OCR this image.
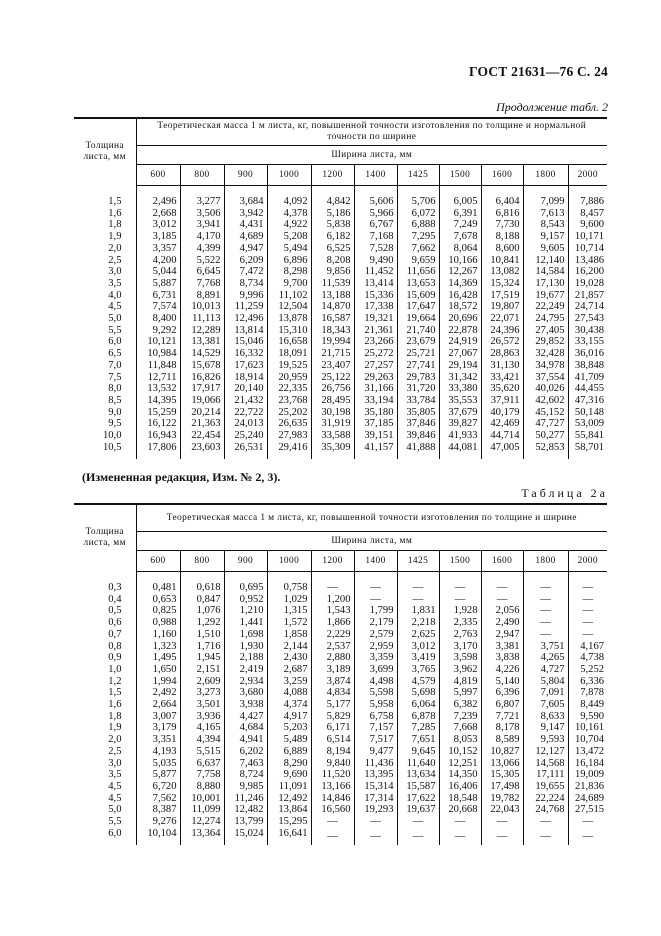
ГОСТ 21631—76 С. 24
Продолжение табл. 2
Толщина листа, мм	Теоретическая масса 1 м листа, кг, повышенной точности изготовления по толщине и нормальной точности по ширине										
	Ширина листа, мм										
	600	800	900	1000	1200	1400	1425	1500	1600	1800	2000

1,5	2,496	3,277	3,684	4,092	4,842	5,606	5,706	6,005	6,404	7,099	7,886
1,6	2,668	3,506	3,942	4,378	5,186	5,966	6,072	6,391	6,816	7,613	8,457
1,8	3,012	3,941	4,431	4,922	5,838	6,767	6,888	7,249	7,730	8,543	9,600
1,9	3,185	4,170	4,689	5,208	6,182	7,168	7,295	7,678	8,188	9,157	10,171
2,0	3,357	4,399	4,947	5,494	6,525	7,528	7,662	8,064	8,600	9,605	10,714
2,5	4,200	5,522	6,209	6,896	8,208	9,490	9,659	10,166	10,841	12,140	13,486
3,0	5,044	6,645	7,472	8,298	9,856	11,452	11,656	12,267	13,082	14,584	16,200
3,5	5,887	7,768	8,734	9,700	11,539	13,414	13,653	14,369	15,324	17,130	19,028
4,0	6,731	8,891	9,996	11,102	13,188	15,336	15,609	16,428	17,519	19,677	21,857
4,5	7,574	10,013	11,259	12,504	14,870	17,338	17,647	18,572	19,807	22,249	24,714
5,0	8,400	11,113	12,496	13,878	16,587	19,321	19,664	20,696	22,071	24,795	27,543
5,5	9,292	12,289	13,814	15,310	18,343	21,361	21,740	22,878	24,396	27,405	30,438
6,0	10,121	13,381	15,046	16,658	19,994	23,266	23,679	24,919	26,572	29,852	33,155
6,5	10,984	14,529	16,332	18,091	21,715	25,272	25,721	27,067	28,863	32,428	36,016
7,0	11,848	15,678	17,623	19,525	23,407	27,257	27,741	29,194	31,130	34,978	38,848
7,5	12,711	16,826	18,914	20,959	25,122	29,263	29,783	31,342	33,421	37,554	41,709
8,0	13,532	17,917	20,140	22,335	26,756	31,166	31,720	33,380	35,620	40,026	44,455
8,5	14,395	19,066	21,432	23,768	28,495	33,194	33,784	35,553	37,911	42,602	47,316
9,0	15,259	20,214	22,722	25,202	30,198	35,180	35,805	37,679	40,179	45,152	50,148
9,5	16,122	21,363	24,013	26,635	31,919	37,185	37,846	39,827	42,469	47,727	53,009
10,0	16,943	22,454	25,240	27,983	33,588	39,151	39,846	41,933	44,714	50,277	55,841
10,5	17,806	23,603	26,531	29,416	35,309	41,157	41,888	44,081	47,005	52,853	58,701
(Измененная редакция, Изм. № 2, 3).
Таблица 2а
Толщина листа, мм	Теоретическая масса 1 м листа, кг, повышенной точности изготовления по толщине и ширине										
	Ширина листа, мм										
	600	800	900	1000	1200	1400	1425	1500	1600	1800	2000

0,3	0,481	0,618	0,695	0,758	—	—	—	—	—	—	—
0,4	0,653	0,847	0,952	1,029	1,200	—	—	—	—	—	—
0,5	0,825	1,076	1,210	1,315	1,543	1,799	1,831	1,928	2,056	—	—
0,6	0,988	1,292	1,441	1,572	1,866	2,179	2,218	2,335	2,490	—	—
0,7	1,160	1,510	1,698	1,858	2,229	2,579	2,625	2,763	2,947	—	—
0,8	1,323	1,716	1,930	2,144	2,537	2,959	3,012	3,170	3,381	3,751	4,167
0,9	1,495	1,945	2,188	2,430	2,880	3,359	3,419	3,598	3,838	4,265	4,738
1,0	1,650	2,151	2,419	2,687	3,189	3,699	3,765	3,962	4,226	4,727	5,252
1,2	1,994	2,609	2,934	3,259	3,874	4,498	4,579	4,819	5,140	5,804	6,336
1,5	2,492	3,273	3,680	4,088	4,834	5,598	5,698	5,997	6,396	7,091	7,878
1,6	2,664	3,501	3,938	4,374	5,177	5,958	6,064	6,382	6,807	7,605	8,449
1,8	3,007	3,936	4,427	4,917	5,829	6,758	6,878	7,239	7,721	8,633	9,590
1,9	3,179	4,165	4,684	5,203	6,171	7,157	7,285	7,668	8,178	9,147	10,161
2,0	3,351	4,394	4,941	5,489	6,514	7,517	7,651	8,053	8,589	9,593	10,704
2,5	4,193	5,515	6,202	6,889	8,194	9,477	9,645	10,152	10,827	12,127	13,472
3,0	5,035	6,637	7,463	8,290	9,840	11,436	11,640	12,251	13,066	14,568	16,184
3,5	5,877	7,758	8,724	9,690	11,520	13,395	13,634	14,350	15,305	17,111	19,009
4,5	6,720	8,880	9,985	11,091	13,166	15,314	15,587	16,406	17,498	19,655	21,836
4,5	7,562	10,001	11,246	12,492	14,846	17,314	17,622	18,548	19,782	22,224	24,689
5,0	8,387	11,099	12,482	13,864	16,560	19,293	19,637	20,668	22,043	24,768	27,515
5,5	9,276	12,274	13,799	15,295	—	—	—	—	—	—	—
6,0	10,104	13,364	15,024	16,641	—	—	—	—	—	—	—
